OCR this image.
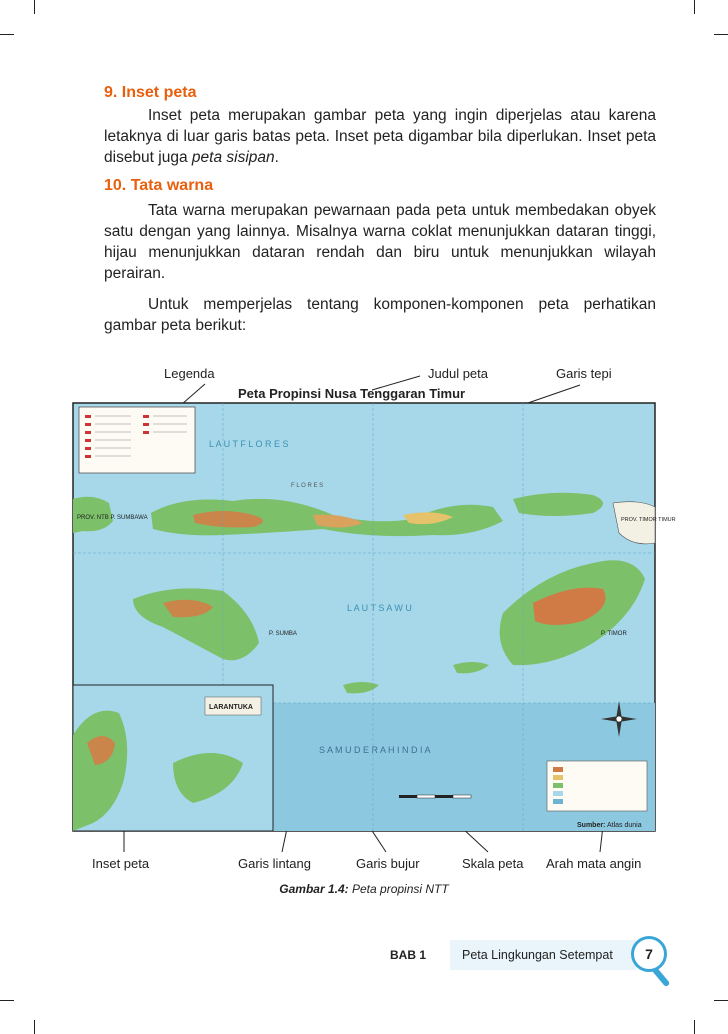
9. Inset peta

Inset peta merupakan gambar peta yang ingin diperjelas atau karena letaknya di luar garis batas peta. Inset peta digambar bila diperlukan. Inset peta disebut juga peta sisipan.

10. Tata warna

Tata warna merupakan pewarnaan pada peta untuk membedakan obyek satu dengan yang lainnya. Misalnya warna coklat menunjukkan dataran tinggi, hijau menunjukkan dataran rendah dan biru untuk menunjukkan wilayah perairan.

Untuk memperjelas tentang komponen-komponen peta perhatikan gambar peta berikut:

Legenda	Judul peta	Garis tepi
Peta Propinsi Nusa Tenggaran Timur
PROV. NTB P. SUMBAWA
L A U T F L O R E S
PROV. TIMOR TIMUR
P. TIMOR
P. SUMBA
L A U T S A W U
S A M U D E R A H I N D I A
F L O R E S
LARANTUKA
Sumber: Atlas dunia
Inset peta	Garis lintang	Garis bujur	Skala peta Arah mata angin
Gambar 1.4: Peta propinsi NTT
BAB 1	Peta Lingkungan Setempat	7
